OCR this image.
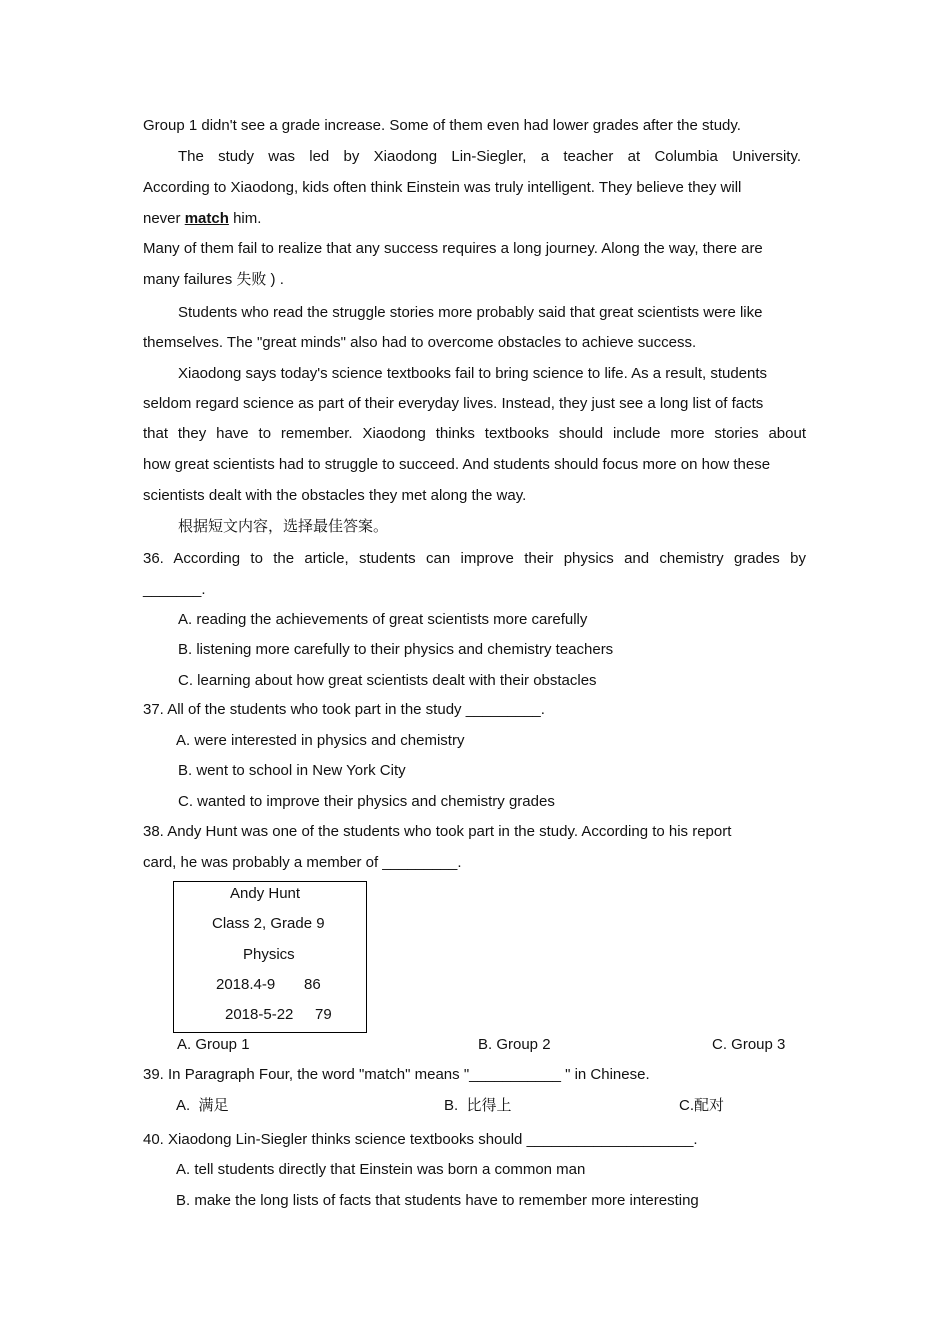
Group 1 didn't see a grade increase. Some of them even had lower grades after the study.
The study was led by Xiaodong Lin-Siegler, a teacher at Columbia University.
According to Xiaodong, kids often think Einstein was truly intelligent. They believe they will
never match him.
Many of them fail to realize that any success requires a long journey. Along the way, there are
many failures 失败 ) .
Students who read the struggle stories more probably said that great scientists were like
themselves. The "great minds" also had to overcome obstacles to achieve success.
Xiaodong says today's science textbooks fail to bring science to life. As a result, students
seldom regard science as part of their everyday lives. Instead, they just see a long list of facts
that they have to remember. Xiaodong thinks textbooks should include more stories about
how great scientists had to struggle to succeed. And students should focus more on how these
scientists dealt with the obstacles they met along the way.
根据短文内容，选择最佳答案。
36. According to the article, students can improve their physics and chemistry grades by
_______.
A. reading the achievements of great scientists more carefully
B. listening more carefully to their physics and chemistry teachers
C. learning about how great scientists dealt with their obstacles
37. All of the students who took part in the study _________.
A. were interested in physics and chemistry
B. went to school in New York City
C. wanted to improve their physics and chemistry grades
38. Andy Hunt was one of the students who took part in the study. According to his report
card, he was probably a member of _________.
Andy Hunt
Class 2, Grade 9
Physics
2018.4-9 86
2018-5-22 79
A. Group 1	B. Group 2	C. Group 3
39. In Paragraph Four, the word "match" means "___________ " in Chinese.
A.  满足	B.  比得上	C.配对
40. Xiaodong Lin-Siegler thinks science textbooks should ____________________.
A. tell students directly that Einstein was born a common man
B. make the long lists of facts that students have to remember more interesting
